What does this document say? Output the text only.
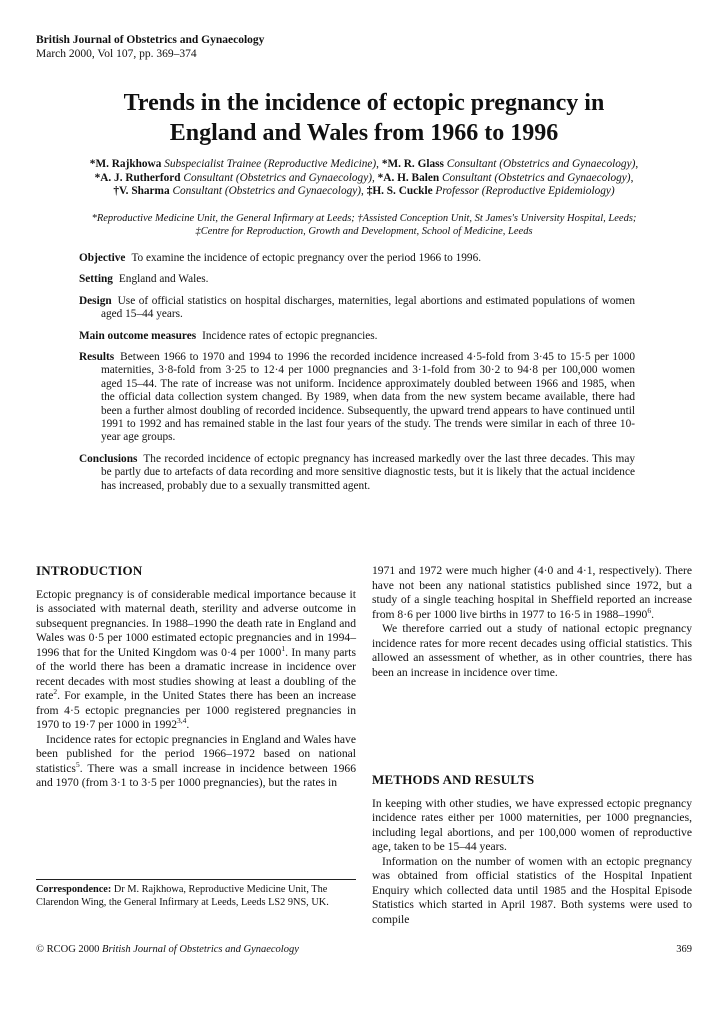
British Journal of Obstetrics and Gynaecology
March 2000, Vol 107, pp. 369–374
Trends in the incidence of ectopic pregnancy in
England and Wales from 1966 to 1996
*M. Rajkhowa Subspecialist Trainee (Reproductive Medicine), *M. R. Glass Consultant (Obstetrics and Gynaecology),
*A. J. Rutherford Consultant (Obstetrics and Gynaecology), *A. H. Balen Consultant (Obstetrics and Gynaecology),
†V. Sharma Consultant (Obstetrics and Gynaecology), ‡H. S. Cuckle Professor (Reproductive Epidemiology)
*Reproductive Medicine Unit, the General Infirmary at Leeds; †Assisted Conception Unit, St James's University Hospital, Leeds;
‡Centre for Reproduction, Growth and Development, School of Medicine, Leeds

Objective To examine the incidence of ectopic pregnancy over the period 1966 to 1996.

Setting England and Wales.

Design Use of official statistics on hospital discharges, maternities, legal abortions and estimated populations of women aged 15–44 years.

Main outcome measures Incidence rates of ectopic pregnancies.

Results Between 1966 to 1970 and 1994 to 1996 the recorded incidence increased 4·5-fold from 3·45 to 15·5 per 1000 maternities, 3·8-fold from 3·25 to 12·4 per 1000 pregnancies and 3·1-fold from 30·2 to 94·8 per 100,000 women aged 15–44. The rate of increase was not uniform. Incidence approximately doubled between 1966 and 1985, when the official data collection system changed. By 1989, when data from the new system became available, there had been a further almost doubling of recorded incidence. Subsequently, the upward trend appears to have continued until 1991 to 1992 and has remained stable in the last four years of the study. The trends were similar in each of three 10-year age groups.

Conclusions The recorded incidence of ectopic pregnancy has increased markedly over the last three decades. This may be partly due to artefacts of data recording and more sensitive diagnostic tests, but it is likely that the actual incidence has increased, probably due to a sexually transmitted agent.

INTRODUCTION

Ectopic pregnancy is of considerable medical importance because it is associated with maternal death, sterility and adverse outcome in subsequent pregnancies. In 1988–1990 the death rate in England and Wales was 0·5 per 1000 estimated ectopic pregnancies and in 1994–1996 that for the United Kingdom was 0·4 per 1000$^1$. In many parts of the world there has been a dramatic increase in incidence over recent decades with most studies showing at least a doubling of the rate$^2$. For example, in the United States there has been an increase from 4·5 ectopic pregnancies per 1000 registered pregnancies in 1970 to 19·7 per 1000 in 1992$^{3,4}$.

Incidence rates for ectopic pregnancies in England and Wales have been published for the period 1966–1972 based on national statistics$^5$. There was a small increase in incidence between 1966 and 1970 (from 3·1 to 3·5 per 1000 pregnancies), but the rates in

1971 and 1972 were much higher (4·0 and 4·1, respectively). There have not been any national statistics published since 1972, but a study of a single teaching hospital in Sheffield reported an increase from 8·6 per 1000 live births in 1977 to 16·5 in 1988–1990$^6$.

We therefore carried out a study of national ectopic pregnancy incidence rates for more recent decades using official statistics. This allowed an assessment of whether, as in other countries, there has been an increase in incidence over time.

METHODS AND RESULTS

In keeping with other studies, we have expressed ectopic pregnancy incidence rates either per 1000 maternities, per 1000 pregnancies, including legal abortions, and per 100,000 women of reproductive age, taken to be 15–44 years.

Information on the number of women with an ectopic pregnancy was obtained from official statistics of the Hospital Inpatient Enquiry which collected data until 1985 and the Hospital Episode Statistics which started in April 1987. Both systems were used to compile

Correspondence: Dr M. Rajkhowa, Reproductive Medicine Unit, The Clarendon Wing, the General Infirmary at Leeds, Leeds LS2 9NS, UK.
© RCOG 2000 British Journal of Obstetrics and Gynaecology	369
